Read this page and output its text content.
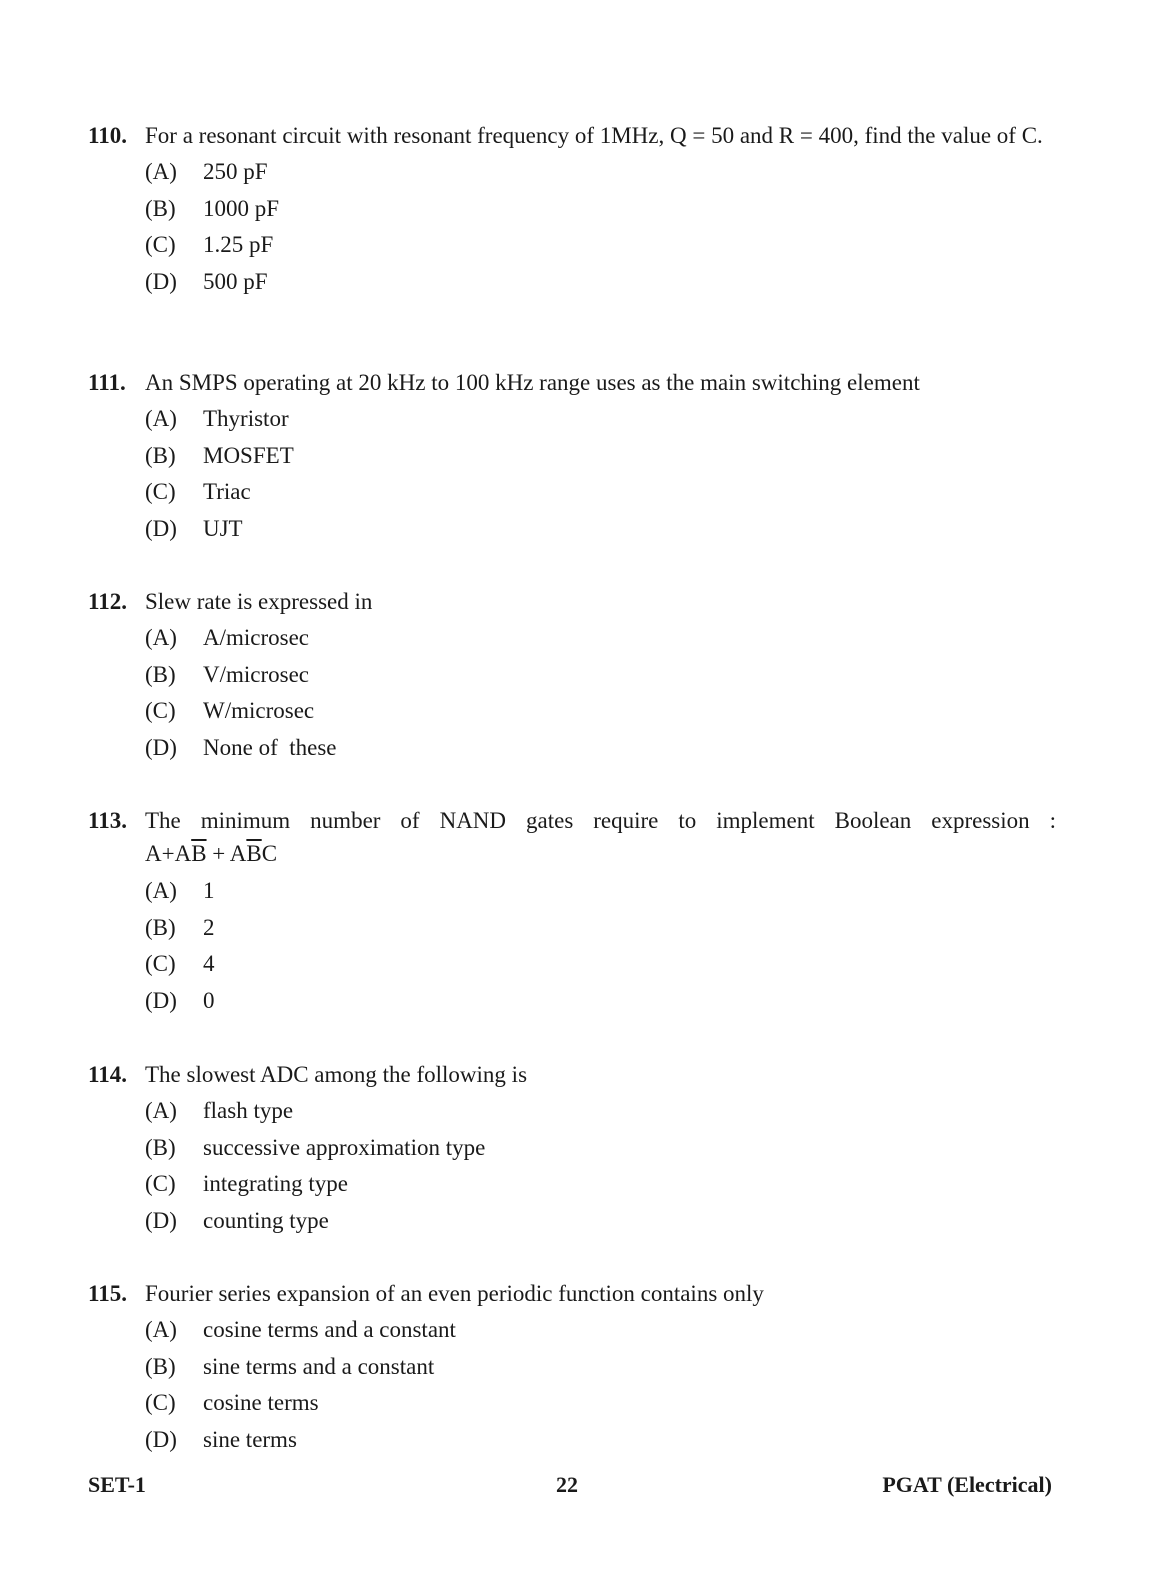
110. For a resonant circuit with resonant frequency of 1MHz, Q = 50 and R = 400, find the value of C.
(A) 250 pF
(B) 1000 pF
(C) 1.25 pF
(D) 500 pF
111. An SMPS operating at 20 kHz to 100 kHz range uses as the main switching element
(A) Thyristor
(B) MOSFET
(C) Triac
(D) UJT
112. Slew rate is expressed in
(A) A/microsec
(B) V/microsec
(C) W/microsec
(D) None of  these
113. The minimum number of NAND gates require to implement Boolean expression :
$A+A\overline{B} + A\overline{B}C$
(A) 1
(B) 2
(C) 4
(D) 0
114. The slowest ADC among the following is
(A) flash type
(B) successive approximation type
(C) integrating type
(D) counting type
115. Fourier series expansion of an even periodic function contains only
(A) cosine terms and a constant
(B) sine terms and a constant
(C) cosine terms
(D) sine terms
SET-1	22	PGAT (Electrical)
